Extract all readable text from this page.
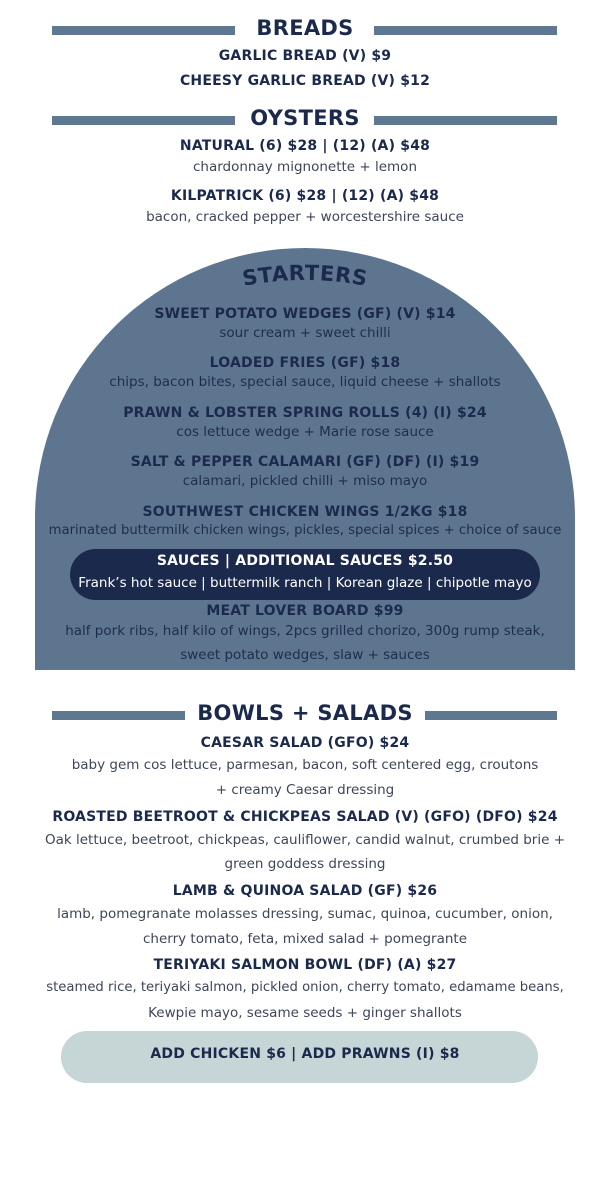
BREADS
GARLIC BREAD (V) $9
CHEESY GARLIC BREAD (V) $12
OYSTERS
NATURAL (6) $28 | (12) (A) $48
chardonnay mignonette + lemon
KILPATRICK (6) $28 | (12) (A) $48
bacon, cracked pepper + worcestershire sauce
STARTERS
SWEET POTATO WEDGES (GF) (V) $14
sour cream + sweet chilli
LOADED FRIES (GF) $18
chips, bacon bites, special sauce, liquid cheese + shallots
PRAWN & LOBSTER SPRING ROLLS (4) (I) $24
cos lettuce wedge + Marie rose sauce
SALT & PEPPER CALAMARI (GF) (DF) (I) $19
calamari, pickled chilli + miso mayo
SOUTHWEST CHICKEN WINGS 1/2KG $18
marinated buttermilk chicken wings, pickles, special spices + choice of sauce
SAUCES | ADDITIONAL SAUCES $2.50
Frank’s hot sauce | buttermilk ranch | Korean glaze | chipotle mayo
MEAT LOVER BOARD $99
half pork ribs, half kilo of wings, 2pcs grilled chorizo, 300g rump steak,
sweet potato wedges, slaw + sauces
BOWLS + SALADS
CAESAR SALAD (GFO) $24
baby gem cos lettuce, parmesan, bacon, soft centered egg, croutons
+ creamy Caesar dressing
ROASTED BEETROOT & CHICKPEAS SALAD (V) (GFO) (DFO) $24
Oak lettuce, beetroot, chickpeas, cauliflower, candid walnut, crumbed brie +
green goddess dressing
LAMB & QUINOA SALAD (GF) $26
lamb, pomegranate molasses dressing, sumac, quinoa, cucumber, onion,
cherry tomato, feta, mixed salad + pomegrante
TERIYAKI SALMON BOWL (DF) (A) $27
steamed rice, teriyaki salmon, pickled onion, cherry tomato, edamame beans,
Kewpie mayo, sesame seeds + ginger shallots
ADD CHICKEN $6 | ADD PRAWNS (I) $8
